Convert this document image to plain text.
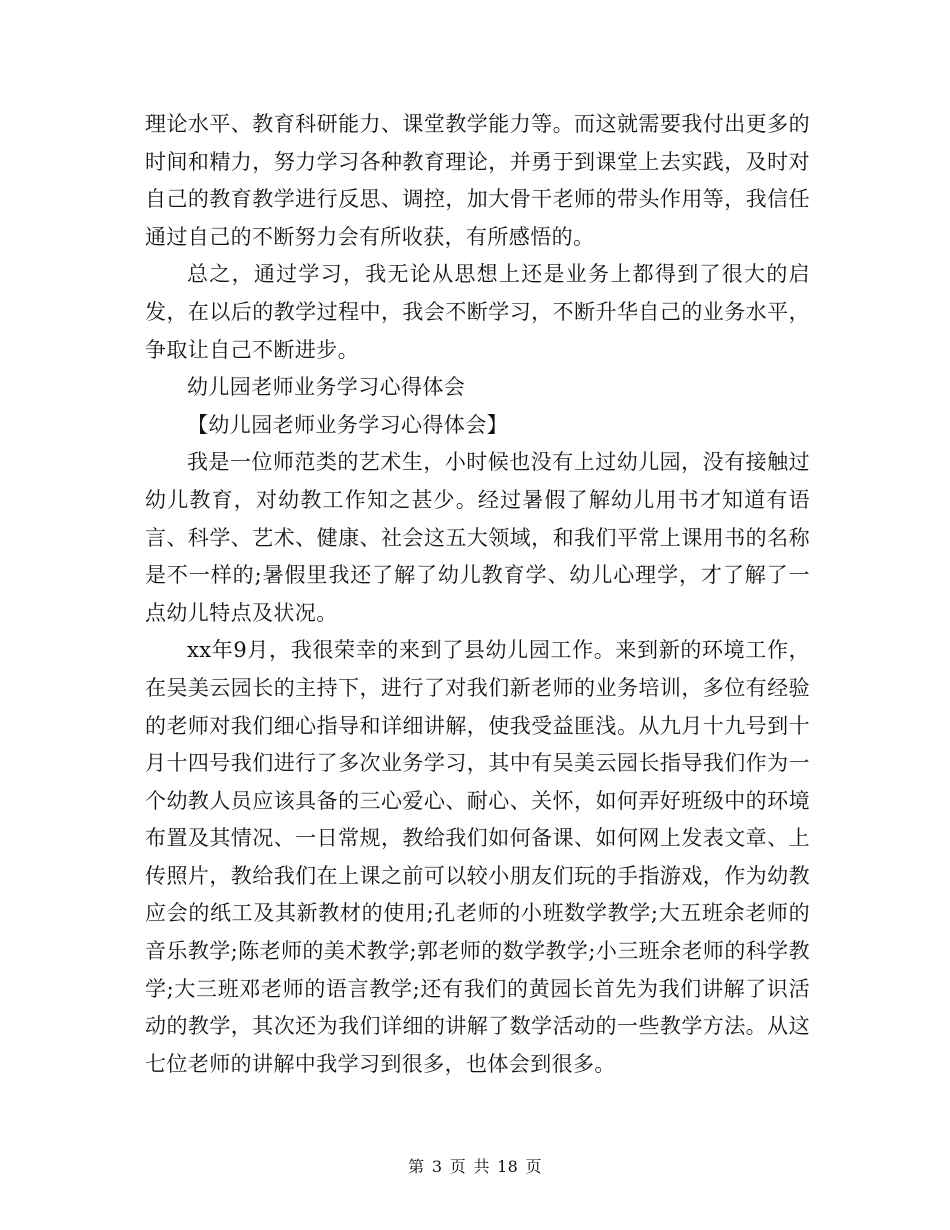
理论水平、教育科研能力、课堂教学能力等。而这就需要我付出更多的时间和精力，努力学习各种教育理论，并勇于到课堂上去实践，及时对自己的教育教学进行反思、调控，加大骨干老师的带头作用等，我信任通过自己的不断努力会有所收获，有所感悟的。

总之，通过学习，我无论从思想上还是业务上都得到了很大的启发，在以后的教学过程中，我会不断学习，不断升华自己的业务水平，争取让自己不断进步。

幼儿园老师业务学习心得体会

【幼儿园老师业务学习心得体会】

我是一位师范类的艺术生，小时候也没有上过幼儿园，没有接触过幼儿教育，对幼教工作知之甚少。经过暑假了解幼儿用书才知道有语言、科学、艺术、健康、社会这五大领域，和我们平常上课用书的名称是不一样的;暑假里我还了解了幼儿教育学、幼儿心理学，才了解了一点幼儿特点及状况。

xx年9月，我很荣幸的来到了县幼儿园工作。来到新的环境工作，在吴美云园长的主持下，进行了对我们新老师的业务培训，多位有经验的老师对我们细心指导和详细讲解，使我受益匪浅。从九月十九号到十月十四号我们进行了多次业务学习，其中有吴美云园长指导我们作为一个幼教人员应该具备的三心爱心、耐心、关怀，如何弄好班级中的环境布置及其情况、一日常规，教给我们如何备课、如何网上发表文章、上传照片，教给我们在上课之前可以较小朋友们玩的手指游戏，作为幼教应会的纸工及其新教材的使用;孔老师的小班数学教学;大五班余老师的音乐教学;陈老师的美术教学;郭老师的数学教学;小三班余老师的科学教学;大三班邓老师的语言教学;还有我们的黄园长首先为我们讲解了识活动的教学，其次还为我们详细的讲解了数学活动的一些教学方法。从这七位老师的讲解中我学习到很多，也体会到很多。

第 3 页 共 18 页
